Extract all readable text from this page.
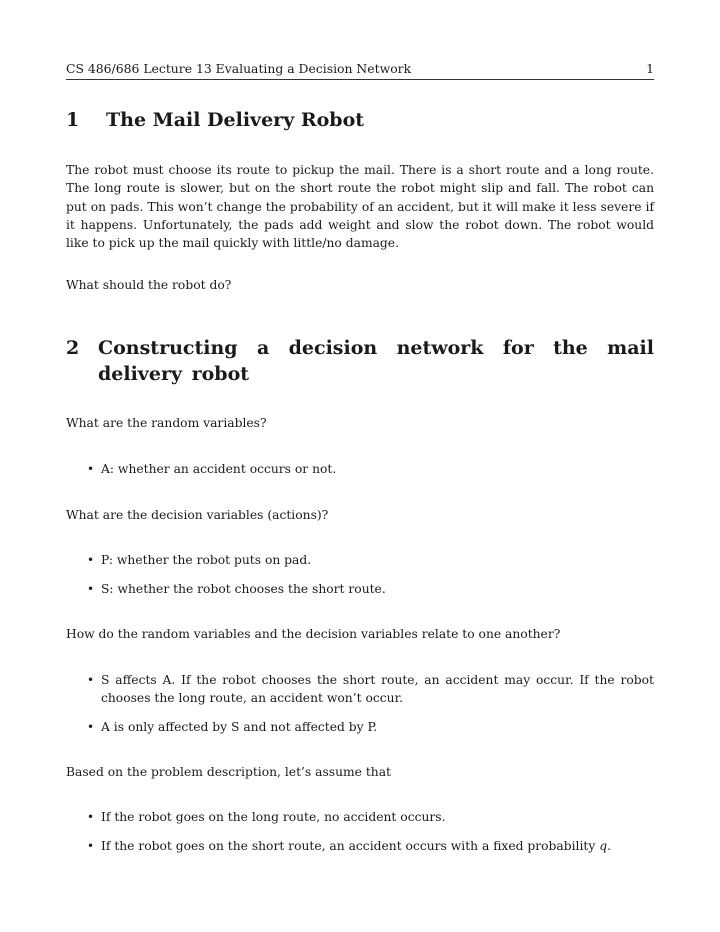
CS 486/686 Lecture 13 Evaluating a Decision Network	1
1 The Mail Delivery Robot

The robot must choose its route to pickup the mail. There is a short route and a long route. The long route is slower, but on the short route the robot might slip and fall. The robot can put on pads. This won’t change the probability of an accident, but it will make it less severe if it happens. Unfortunately, the pads add weight and slow the robot down. The robot would like to pick up the mail quickly with little/no damage.

What should the robot do?

2 Constructing a decision network for the mail delivery robot

What are the random variables?

• A: whether an accident occurs or not.

What are the decision variables (actions)?

• P: whether the robot puts on pad.
• S: whether the robot chooses the short route.

How do the random variables and the decision variables relate to one another?

• S affects A. If the robot chooses the short route, an accident may occur. If the robot chooses the long route, an accident won’t occur.
• A is only affected by S and not affected by P.

Based on the problem description, let’s assume that

• If the robot goes on the long route, no accident occurs.
• If the robot goes on the short route, an accident occurs with a fixed probability q.
